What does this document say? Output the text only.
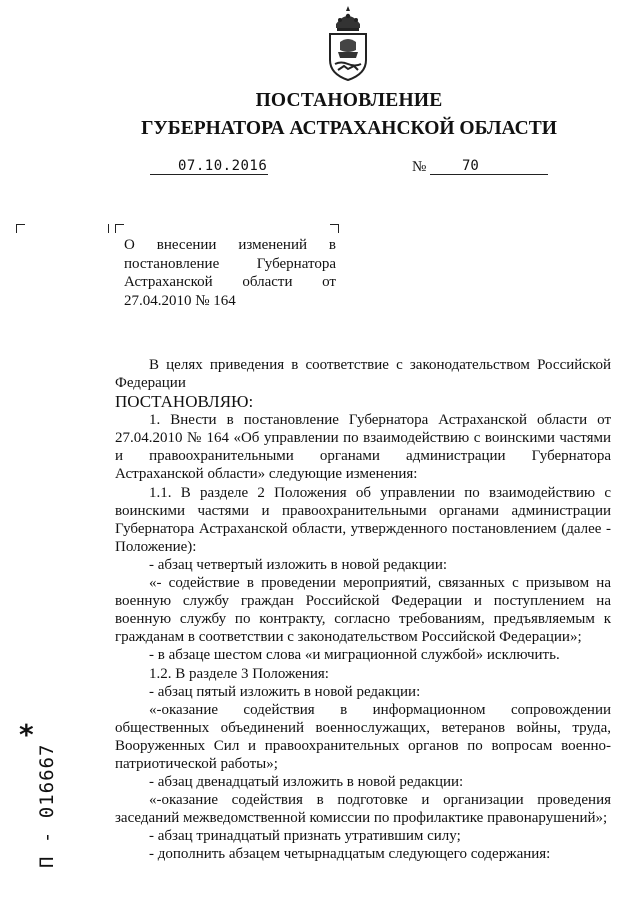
ПОСТАНОВЛЕНИЕ
ГУБЕРНАТОРА АСТРАХАНСКОЙ ОБЛАСТИ
07.10.2016	№	70
О внесении изменений в постановление Губернатора Астраханской области от 27.04.2010 № 164

В целях приведения в соответствие с законодательством Российской Федерации

ПОСТАНОВЛЯЮ:

1. Внести в постановление Губернатора Астраханской области от 27.04.2010 № 164 «Об управлении по взаимодействию с воинскими частями и правоохранительными органами администрации Губернатора Астраханской области» следующие изменения:

1.1. В разделе 2 Положения об управлении по взаимодействию с воинскими частями и правоохранительными органами администрации Губернатора Астраханской области, утвержденного постановлением (далее - Положение):

- абзац четвертый изложить в новой редакции:

«- содействие в проведении мероприятий, связанных с призывом на военную службу граждан Российской Федерации и поступлением на военную службу по контракту, согласно требованиям, предъявляемым к гражданам в соответствии с законодательством Российской Федерации»;

- в абзаце шестом слова «и миграционной службой» исключить.

1.2. В разделе 3 Положения:

- абзац пятый изложить в новой редакции:

«-оказание содействия в информационном сопровождении общественных объединений военнослужащих, ветеранов войны, труда, Вооруженных Сил и правоохранительных органов по вопросам военно-патриотической работы»;

- абзац двенадцатый изложить в новой редакции:

«-оказание содействия в подготовке и организации проведения заседаний межведомственной комиссии по профилактике правонарушений»;

- абзац тринадцатый признать утратившим силу;

- дополнить абзацем четырнадцатым следующего содержания:

*
П - 016667
